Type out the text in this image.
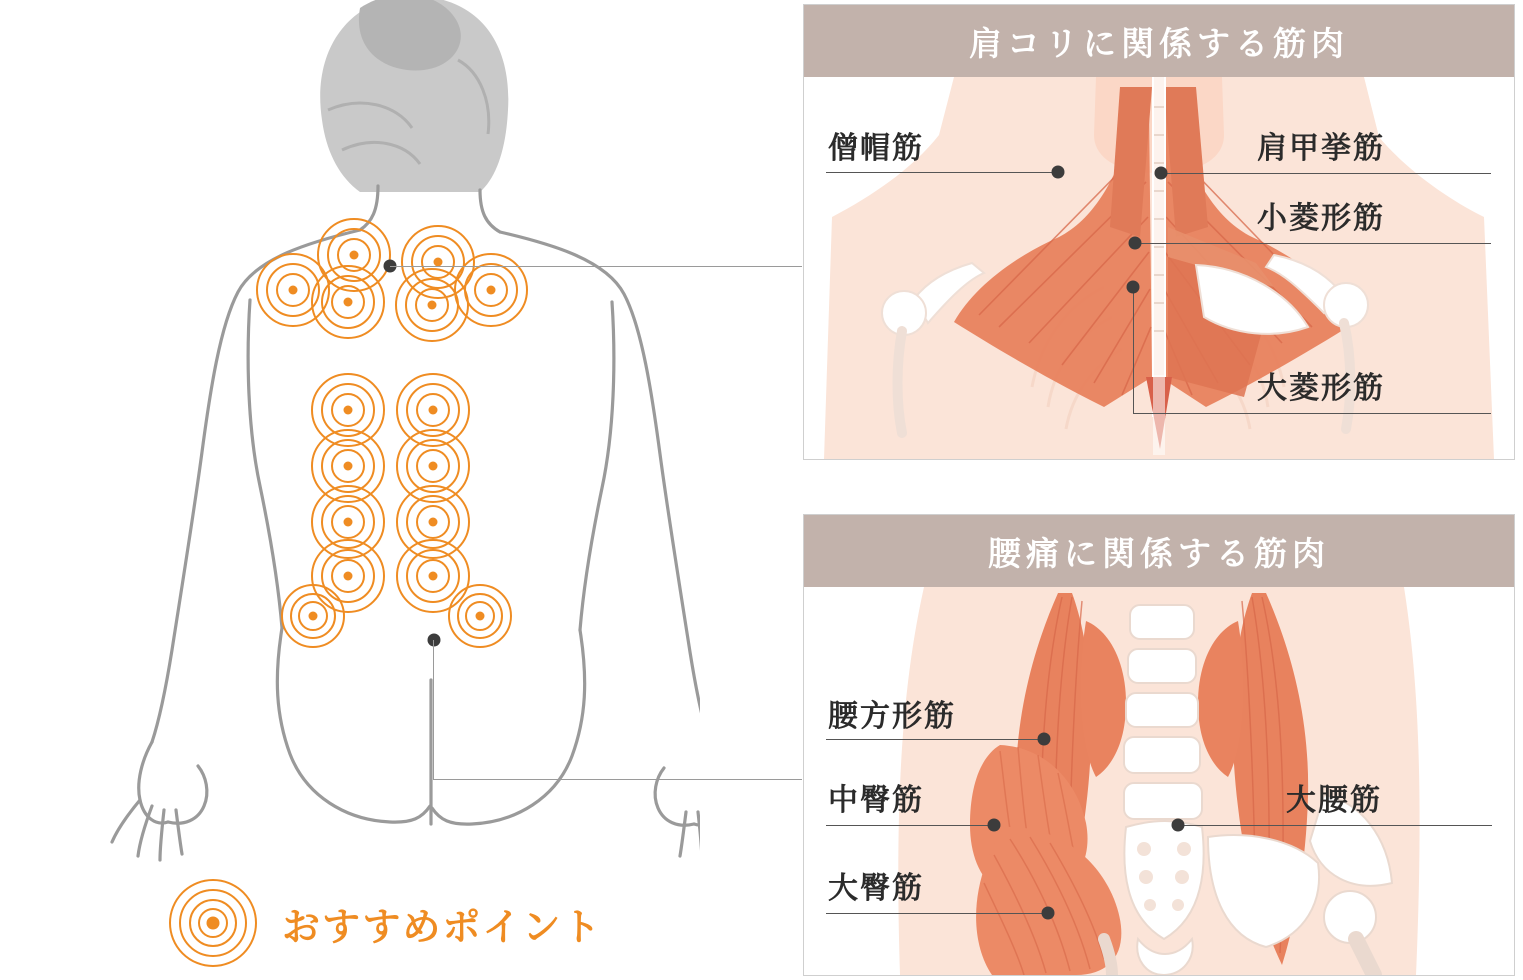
おすすめポイント
肩コリに関係する筋肉
僧帽筋	肩甲挙筋
小菱形筋
大菱形筋
腰痛に関係する筋肉
腰方形筋
中臀筋
大臀筋
大腰筋
